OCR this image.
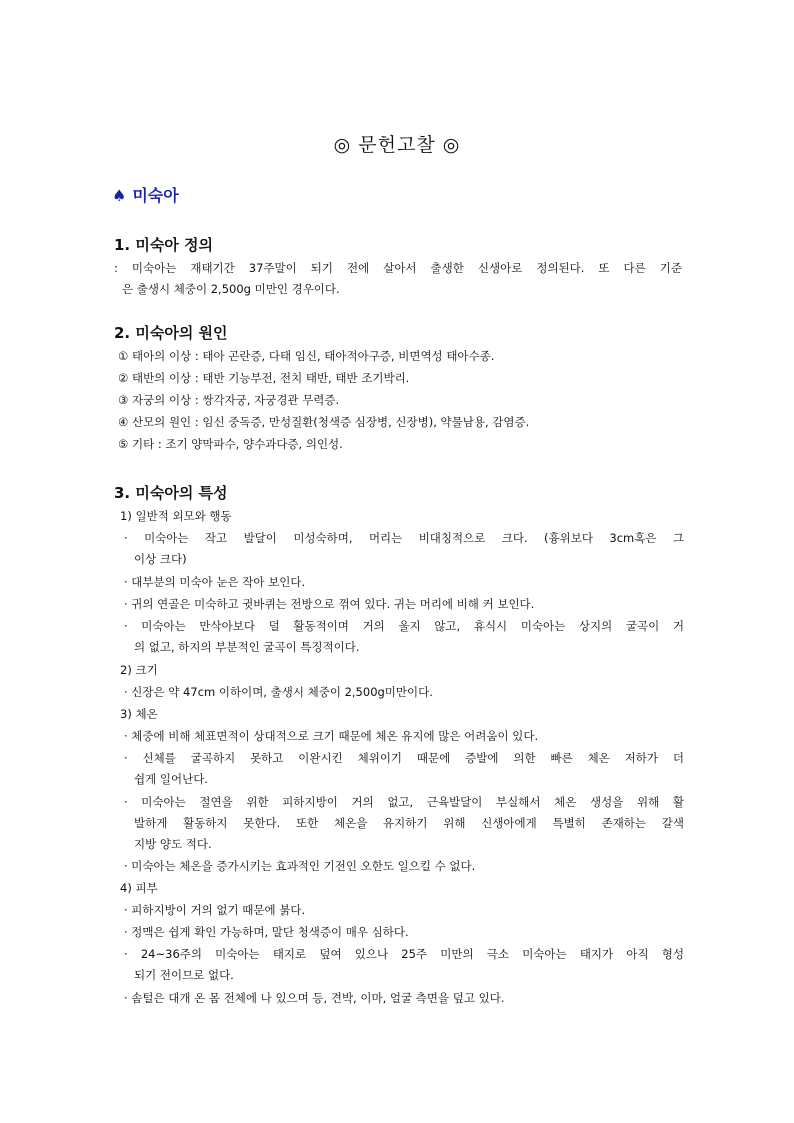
◎ 문헌고찰 ◎
♠ 미숙아
1. 미숙아 정의
: 미숙아는 재태기간 37주말이 되기 전에 살아서 출생한 신생아로 정의된다. 또 다른 기준
은 출생시 체중이 2,500g 미만인 경우이다.
2. 미숙아의 원인
① 태아의 이상 : 태아 곤란증, 다태 임신, 태아적아구증, 비면역성 태아수종.
② 태반의 이상 : 태반 기능부전, 전치 태반, 태반 조기박리.
③ 자궁의 이상 : 쌍각자궁, 자궁경관 무력증.
④ 산모의 원인 : 임신 중독증, 만성질환(청색증 심장병, 신장병), 약물남용, 감염증.
⑤ 기타 : 조기 양막파수, 양수과다증, 의인성.
3. 미숙아의 특성
1) 일반적 외모와 행동
· 미숙아는 작고 발달이 미성숙하며, 머리는 비대칭적으로 크다. (흉위보다 3cm혹은 그
이상 크다)
· 대부분의 미숙아 눈은 작아 보인다.
· 귀의 연골은 미숙하고 귓바퀴는 전방으로 꺾여 있다. 귀는 머리에 비해 커 보인다.
· 미숙아는 만삭아보다 덜 활동적이며 거의 울지 않고, 휴식시 미숙아는 상지의 굴곡이 거
의 없고, 하지의 부분적인 굴곡이 특징적이다.
2) 크기
· 신장은 약 47cm 이하이며, 출생시 체중이 2,500g미만이다.
3) 체온
· 체중에 비해 체표면적이 상대적으로 크기 때문에 체온 유지에 많은 어려움이 있다.
· 신체를 굴곡하지 못하고 이완시킨 체위이기 때문에 증발에 의한 빠른 체온 저하가 더
쉽게 일어난다.
· 미숙아는 절연을 위한 피하지방이 거의 없고, 근육발달이 부실해서 체온 생성을 위해 활
발하게 활동하지 못한다. 또한 체온을 유지하기 위해 신생아에게 특별히 존재하는 갈색
지방 양도 적다.
· 미숙아는 체온을 증가시키는 효과적인 기전인 오한도 일으킬 수 없다.
4) 피부
· 피하지방이 거의 없기 때문에 붉다.
· 정맥은 쉽게 확인 가능하며, 말단 청색증이 매우 심하다.
· 24~36주의 미숙아는 태지로 덮여 있으나 25주 미만의 극소 미숙아는 태지가 아직 형성
되기 전이므로 없다.
· 솜털은 대개 온 몸 전체에 나 있으며 등, 견박, 이마, 얼굴 측면을 덮고 있다.
